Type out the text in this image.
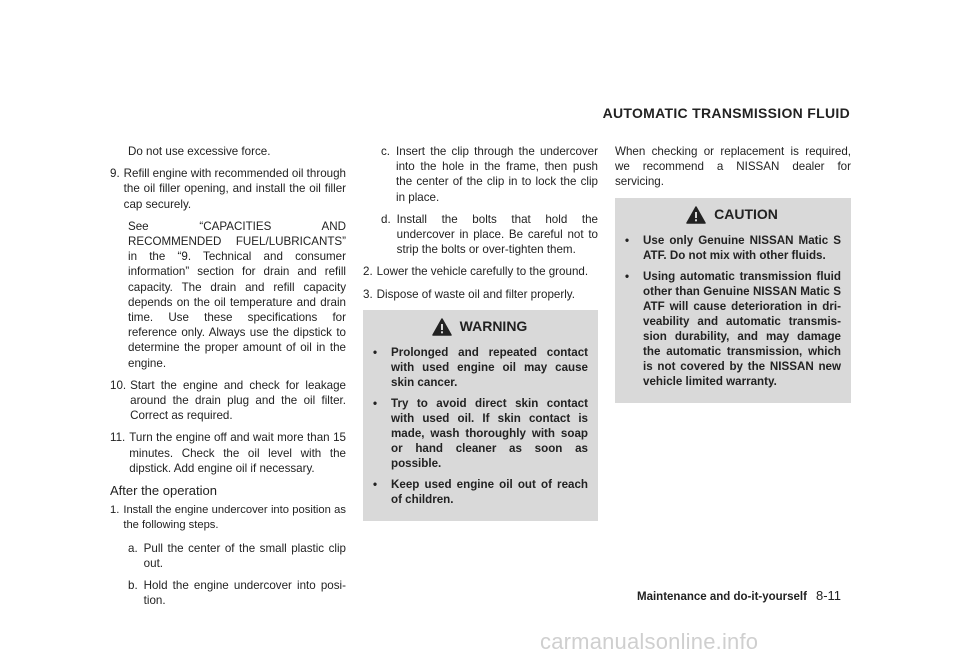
AUTOMATIC TRANSMISSION FLUID

Do not use excessive force.

9. Refill engine with recommended oil through the oil filler opening, and install the oil filler cap securely.

See “CAPACITIES AND RECOMMENDED FUEL/LUBRICANTS” in the “9. Technical and consumer information” section for drain and refill capacity. The drain and refill capacity depends on the oil temperature and drain time. Use these specifications for reference only. Always use the dipstick to determine the proper amount of oil in the engine.

10. Start the engine and check for leakage around the drain plug and the oil filter. Correct as required.
11. Turn the engine off and wait more than 15 minutes. Check the oil level with the dipstick. Add engine oil if necessary.
After the operation
1. Install the engine undercover into position as the following steps.
a. Pull the center of the small plastic clip out.
b. Hold the engine undercover into posi-tion.
c. Insert the clip through the undercover into the hole in the frame, then push the center of the clip in to lock the clip in place.
d. Install the bolts that hold the undercover in place. Be careful not to strip the bolts or over-tighten them.
2. Lower the vehicle carefully to the ground.
3. Dispose of waste oil and filter properly.
WARNING
•	Prolonged and repeated contact with used engine oil may cause skin cancer.
•	Try to avoid direct skin contact with used oil. If skin contact is made, wash thoroughly with soap or hand cleaner as soon as possible.
•	Keep used engine oil out of reach of children.

When checking or replacement is required, we recommend a NISSAN dealer for servicing.

CAUTION
•	Use only Genuine NISSAN Matic S ATF. Do not mix with other fluids.
•	Using automatic transmission fluid other than Genuine NISSAN Matic S ATF will cause deterioration in dri-veability and automatic transmis-sion durability, and may damage the automatic transmission, which is not covered by the NISSAN new vehicle limited warranty.
Maintenance and do-it-yourself 8-11
carmanualsonline.info
